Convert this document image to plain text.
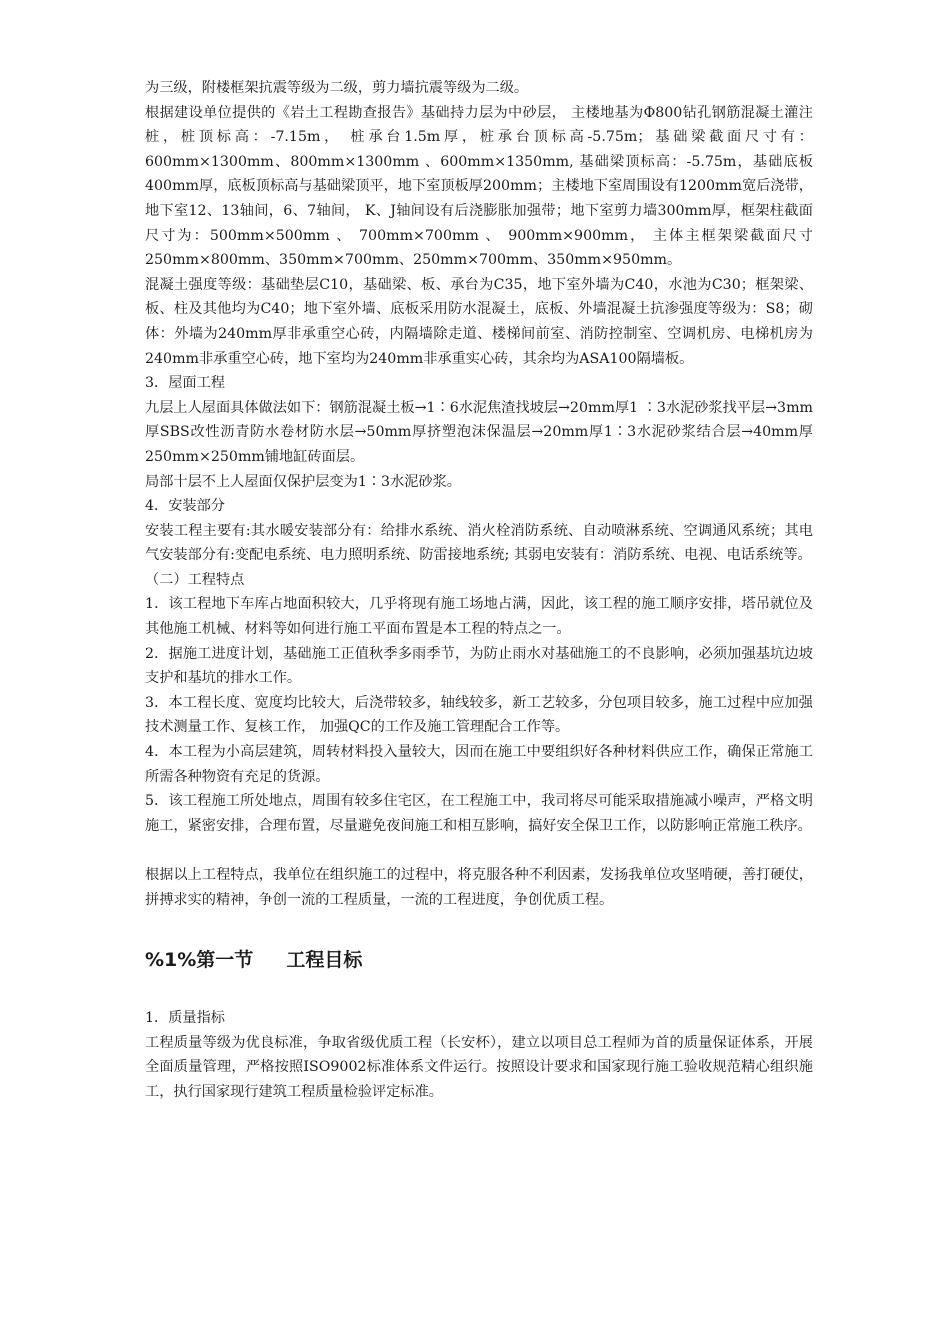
为三级，附楼框架抗震等级为二级，剪力墙抗震等级为二级。

根据建设单位提供的《岩土工程勘查报告》基础持力层为中砂层， 主楼地基为Φ800钻孔钢筋混凝土灌注桩，桩顶标高：-7.15m， 桩承台1.5m厚，桩承台顶标高-5.75m；基础梁截面尺寸有：600mm×1300mm、800mm×1300mm 、600mm×1350mm, 基础梁顶标高：-5.75m，基础底板400mm厚，底板顶标高与基础梁顶平，地下室顶板厚200mm；主楼地下室周围设有1200mm宽后浇带，地下室12、13轴间，6、7轴间， K、J轴间设有后浇膨胀加强带；地下室剪力墙300mm厚，框架柱截面尺寸为：500mm×500mm 、 700mm×700mm 、 900mm×900mm， 主体主框架梁截面尺寸250mm×800mm、350mm×700mm、250mm×700mm、350mm×950mm。

混凝土强度等级：基础垫层C10，基础梁、板、承台为C35，地下室外墙为C40，水池为C30；框架梁、板、柱及其他均为C40；地下室外墙、底板采用防水混凝土，底板、外墙混凝土抗渗强度等级为：S8；砌体：外墙为240mm厚非承重空心砖，内隔墙除走道、楼梯间前室、消防控制室、空调机房、电梯机房为240mm非承重空心砖，地下室均为240mm非承重实心砖，其余均为ASA100隔墙板。

3．屋面工程

九层上人屋面具体做法如下：钢筋混凝土板→1∶6水泥焦渣找坡层→20mm厚1 ∶3水泥砂浆找平层→3mm厚SBS改性沥青防水卷材防水层→50mm厚挤塑泡沫保温层→20mm厚1∶3水泥砂浆结合层→40mm厚250mm×250mm铺地缸砖面层。

局部十层不上人屋面仅保护层变为1∶3水泥砂浆。

4．安装部分

安装工程主要有:其水暖安装部分有：给排水系统、消火栓消防系统、自动喷淋系统、空调通风系统；其电气安装部分有:变配电系统、电力照明系统、防雷接地系统; 其弱电安装有：消防系统、电视、电话系统等。

（二）工程特点

1．该工程地下车库占地面积较大，几乎将现有施工场地占满，因此，该工程的施工顺序安排，塔吊就位及其他施工机械、材料等如何进行施工平面布置是本工程的特点之一。

2．据施工进度计划，基础施工正值秋季多雨季节，为防止雨水对基础施工的不良影响，必须加强基坑边坡支护和基坑的排水工作。

3．本工程长度、宽度均比较大，后浇带较多，轴线较多，新工艺较多，分包项目较多，施工过程中应加强技术测量工作、复核工作， 加强QC的工作及施工管理配合工作等。

4．本工程为小高层建筑，周转材料投入量较大，因而在施工中要组织好各种材料供应工作，确保正常施工所需各种物资有充足的货源。

5．该工程施工所处地点，周围有较多住宅区，在工程施工中，我司将尽可能采取措施减小噪声，严格文明施工，紧密安排，合理布置，尽量避免夜间施工和相互影响，搞好安全保卫工作，以防影响正常施工秩序。

根据以上工程特点，我单位在组织施工的过程中，将克服各种不利因素，发扬我单位攻坚啃硬，善打硬仗，拼搏求实的精神，争创一流的工程质量，一流的工程进度，争创优质工程。

%1%第一节     工程目标

1．质量指标

工程质量等级为优良标准，争取省级优质工程（长安杯），建立以项目总工程师为首的质量保证体系，开展全面质量管理，严格按照ISO9002标准体系文件运行。按照设计要求和国家现行施工验收规范精心组织施工，执行国家现行建筑工程质量检验评定标准。
